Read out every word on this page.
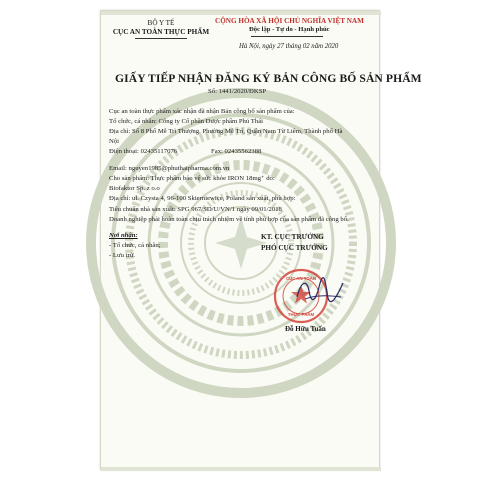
BỘ Y TẾ
CỤC AN TOÀN THỰC PHẨM
CỘNG HÒA XÃ HỘI CHỦ NGHĨA VIỆT NAM
Độc lập - Tự do - Hạnh phúc
Hà Nội, ngày 27 tháng 02 năm 2020
GIẤY TIẾP NHẬN ĐĂNG KÝ BẢN CÔNG BỐ SẢN PHẨM
Số: 1441/2020/ĐKSP
Cục an toàn thực phẩm xác nhận đã nhận Bản công bố sản phẩm của:
Tổ chức, cá nhân: Công ty Cổ phần Dược phẩm Phú Thái
Địa chỉ: Số 8 Phố Mễ Trì Thượng, Phường Mễ Trì, Quận Nam Từ Liêm, Thành phố Hà
Nội
Điện thoại: 02435117076	Fax: 02435562388
Email: nguyen1985@phuthaipharma.com.vn
Cho sản phẩm: Thực phẩm bảo vệ sức khỏe IRON 18mg⁺ do:
Biofaktor Sp. z o.o
Địa chỉ: ul. Czysta 4, 96-100 Skierniewice, Poland sản xuất, phù hợp:
Tiêu chuẩn nhà sản xuất: SPG 967/SD/U/VN/1 ngày 09/01/2018
Doanh nghiệp phải hoàn toàn chịu trách nhiệm về tính phù hợp của sản phẩm đã công bố.
Nơi nhận:
- Tổ chức, cá nhân;
- Lưu trữ.
KT. CỤC TRƯỞNG
PHÓ CỤC TRƯỞNG
Đỗ Hữu Tuấn
CỤC AN TOÀN
THỰC PHẨM
